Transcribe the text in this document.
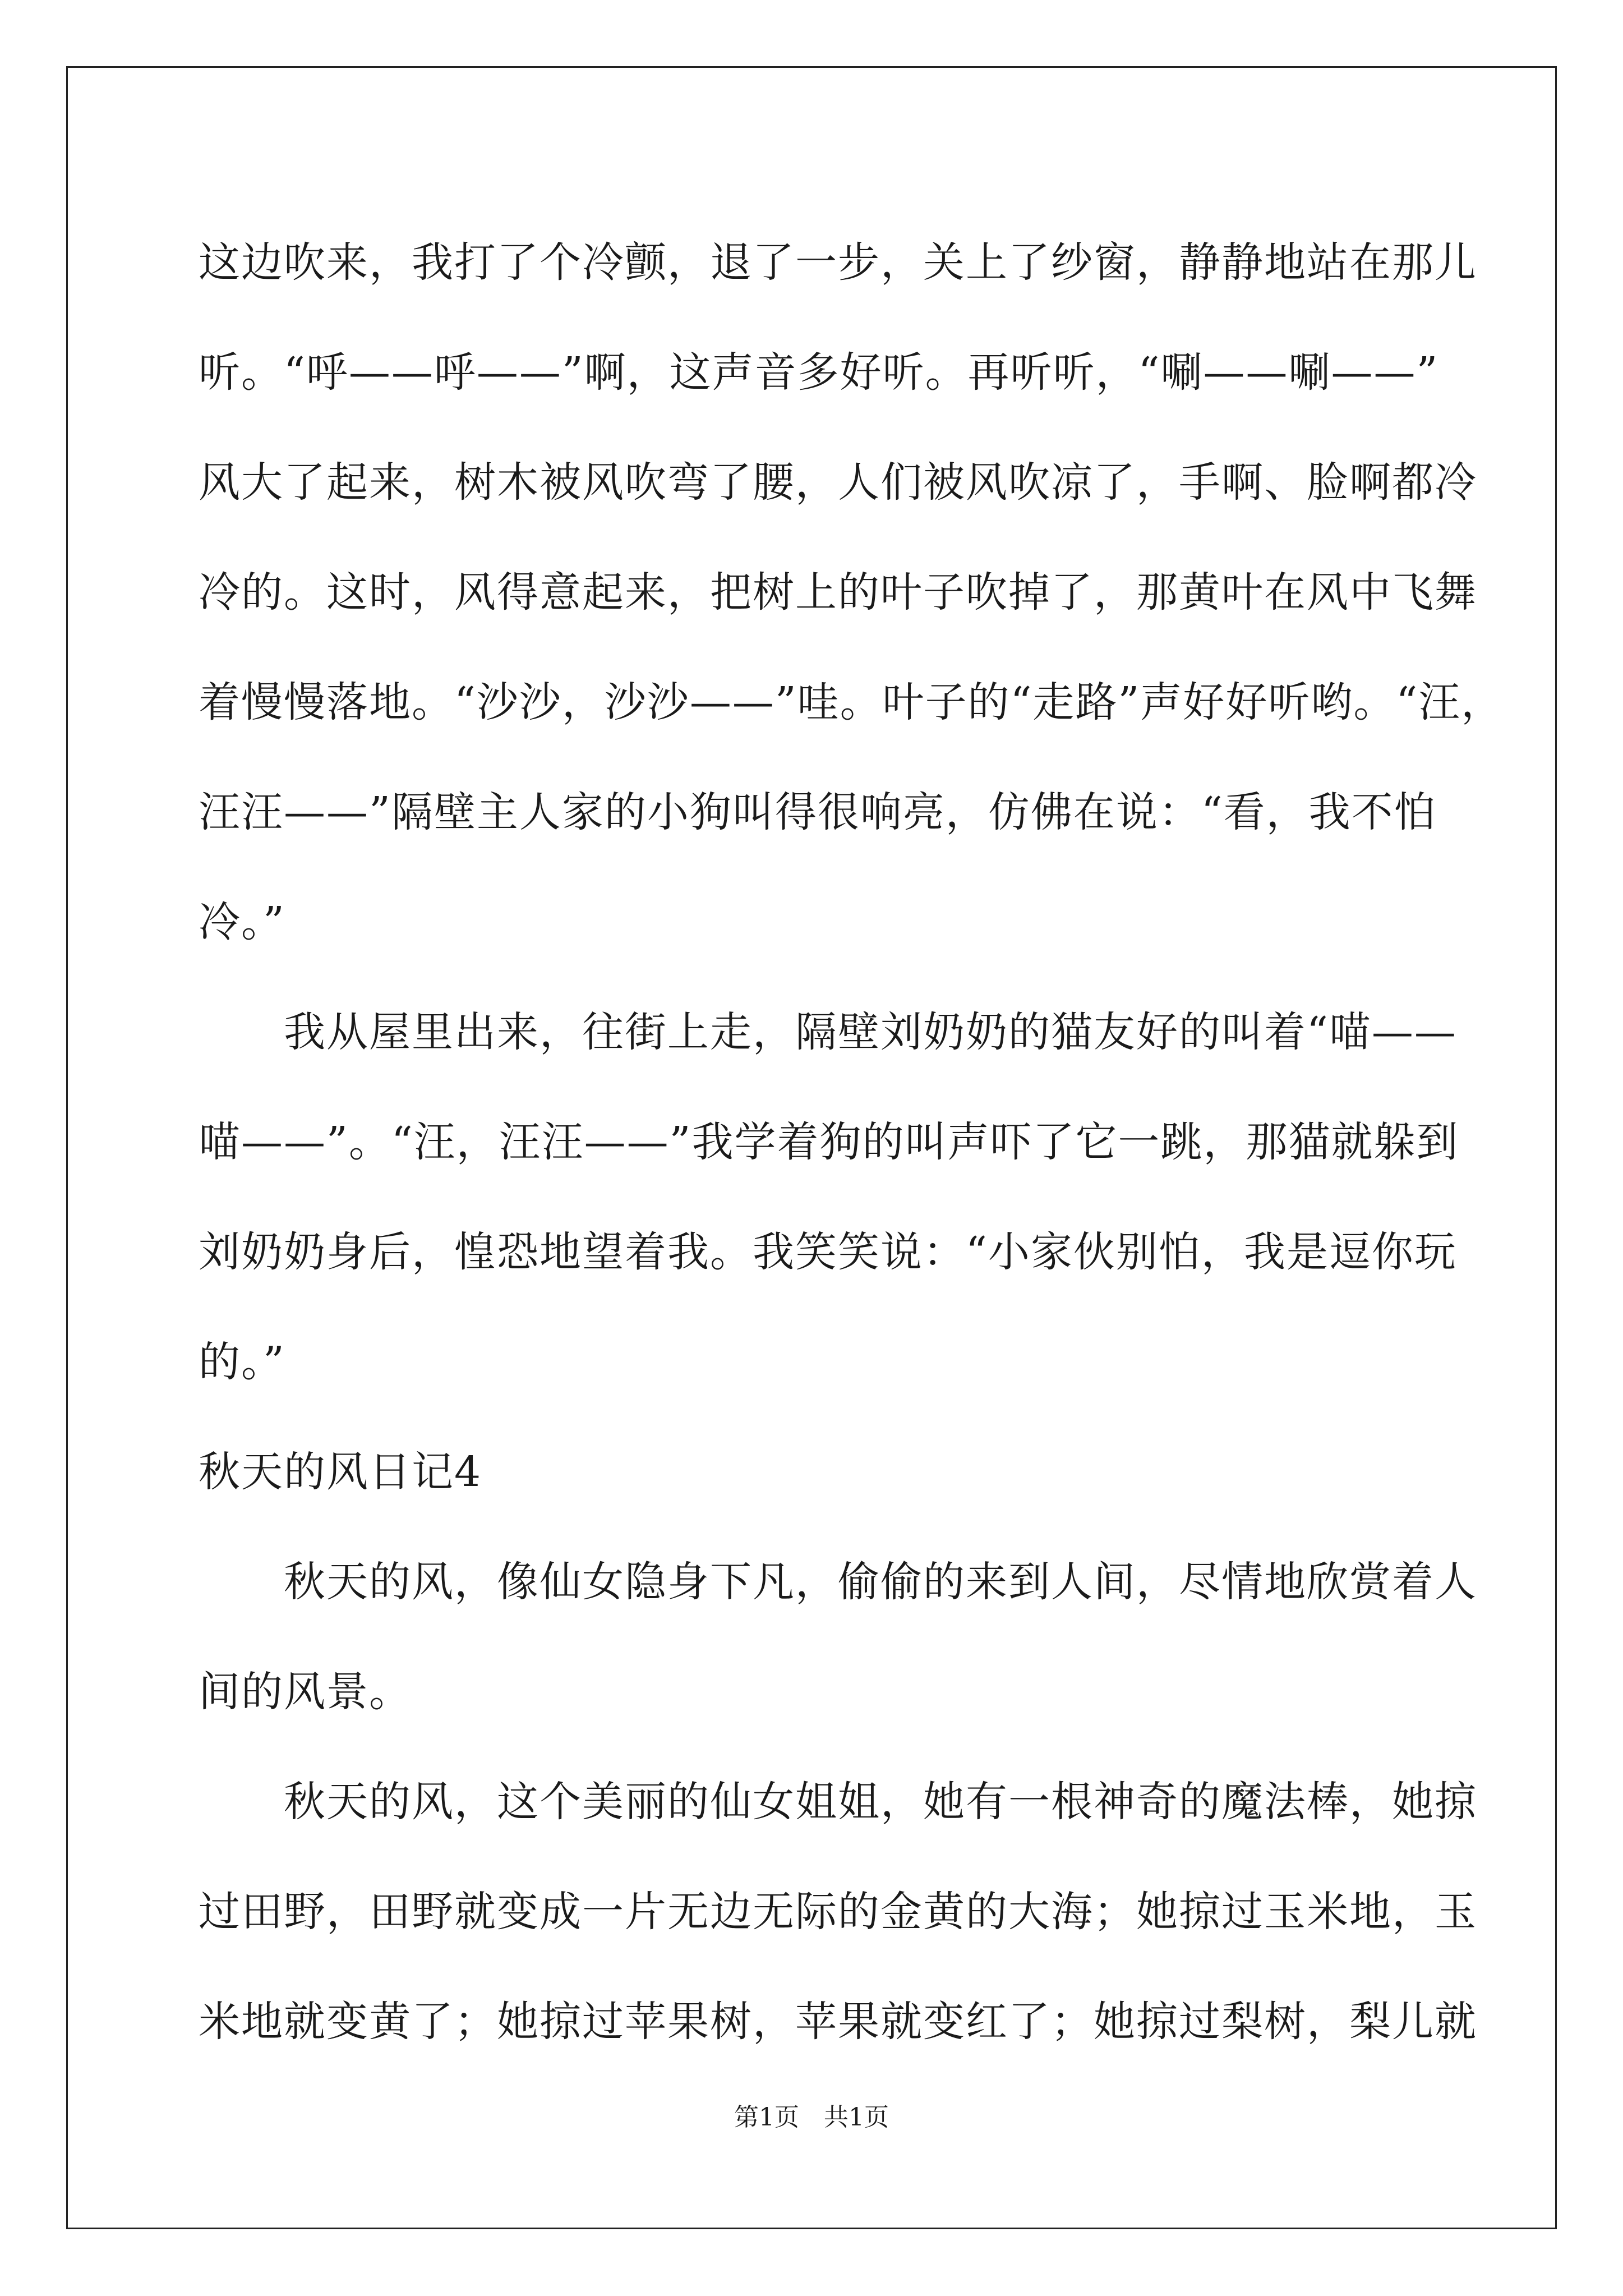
这边吹来，我打了个冷颤，退了一步，关上了纱窗，静静地站在那儿
听。“呼——呼——”啊，这声音多好听。再听听，“唰——唰——”
风大了起来，树木被风吹弯了腰，人们被风吹凉了，手啊、脸啊都冷
冷的。这时，风得意起来，把树上的叶子吹掉了，那黄叶在风中飞舞
着慢慢落地。“沙沙，沙沙——”哇。叶子的“走路”声好好听哟。“汪，
汪汪——”隔壁主人家的小狗叫得很响亮，仿佛在说：“看，我不怕
冷。”
　　我从屋里出来，往街上走，隔壁刘奶奶的猫友好的叫着“喵——
喵——”。“汪，汪汪——”我学着狗的叫声吓了它一跳，那猫就躲到
刘奶奶身后，惶恐地望着我。我笑笑说：“小家伙别怕，我是逗你玩
的。”
秋天的风日记4
　　秋天的风，像仙女隐身下凡，偷偷的来到人间，尽情地欣赏着人
间的风景。
　　秋天的风，这个美丽的仙女姐姐，她有一根神奇的魔法棒，她掠
过田野，田野就变成一片无边无际的金黄的大海；她掠过玉米地，玉
米地就变黄了；她掠过苹果树，苹果就变红了；她掠过梨树，梨儿就
第1页　共1页
